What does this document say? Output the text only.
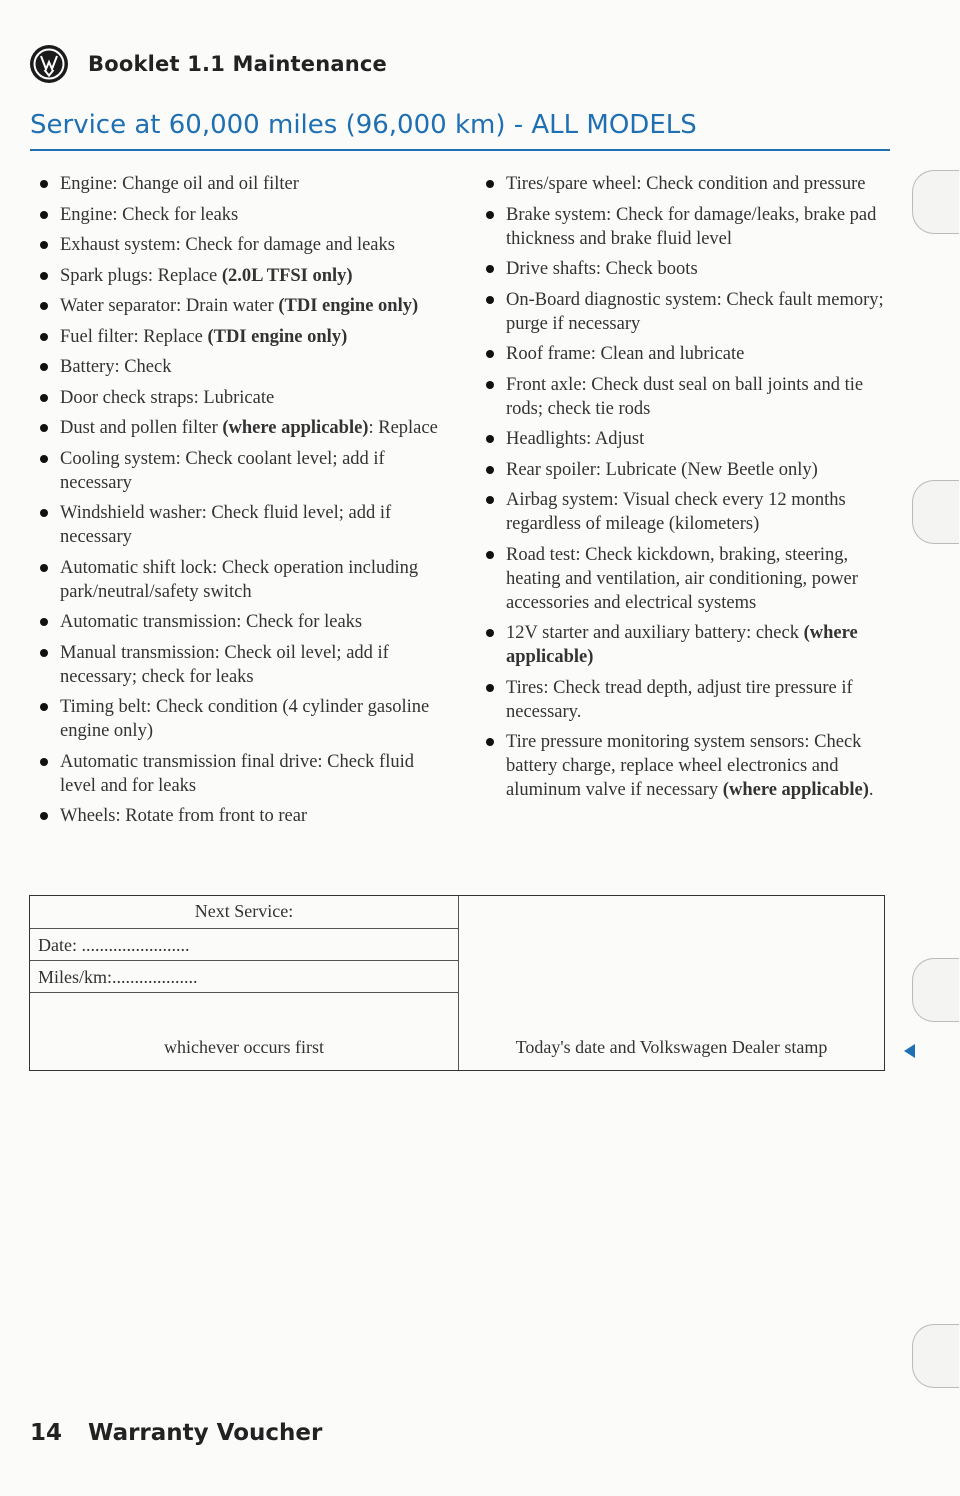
Booklet 1.1 Maintenance
Service at 60,000 miles (96,000 km) - ALL MODELS
Engine: Change oil and oil filter
Engine: Check for leaks
Exhaust system: Check for damage and leaks
Spark plugs: Replace (2.0L TFSI only)
Water separator: Drain water (TDI engine only)
Fuel filter: Replace (TDI engine only)
Battery: Check
Door check straps: Lubricate
Dust and pollen filter (where applicable): Replace
Cooling system: Check coolant level; add if necessary
Windshield washer: Check fluid level; add if necessary
Automatic shift lock: Check operation including park/neutral/safety switch
Automatic transmission: Check for leaks
Manual transmission: Check oil level; add if necessary; check for leaks
Timing belt: Check condition (4 cylinder gasoline engine only)
Automatic transmission final drive: Check fluid level and for leaks
Wheels: Rotate from front to rear
Tires/spare wheel: Check condition and pressure
Brake system: Check for damage/leaks, brake pad thickness and brake fluid level
Drive shafts: Check boots
On-Board diagnostic system: Check fault memory; purge if necessary
Roof frame: Clean and lubricate
Front axle: Check dust seal on ball joints and tie rods; check tie rods
Headlights: Adjust
Rear spoiler: Lubricate (New Beetle only)
Airbag system: Visual check every 12 months regardless of mileage (kilometers)
Road test: Check kickdown, braking, steering, heating and ventilation, air conditioning, power accessories and electrical systems
12V starter and auxiliary battery: check (where applicable)
Tires: Check tread depth, adjust tire pressure if necessary.
Tire pressure monitoring system sensors: Check battery charge, replace wheel electronics and aluminum valve if necessary (where applicable).
Next Service:
Date: ........................
Miles/km:...................
whichever occurs first	Today's date and Volkswagen Dealer stamp
14 Warranty Voucher
